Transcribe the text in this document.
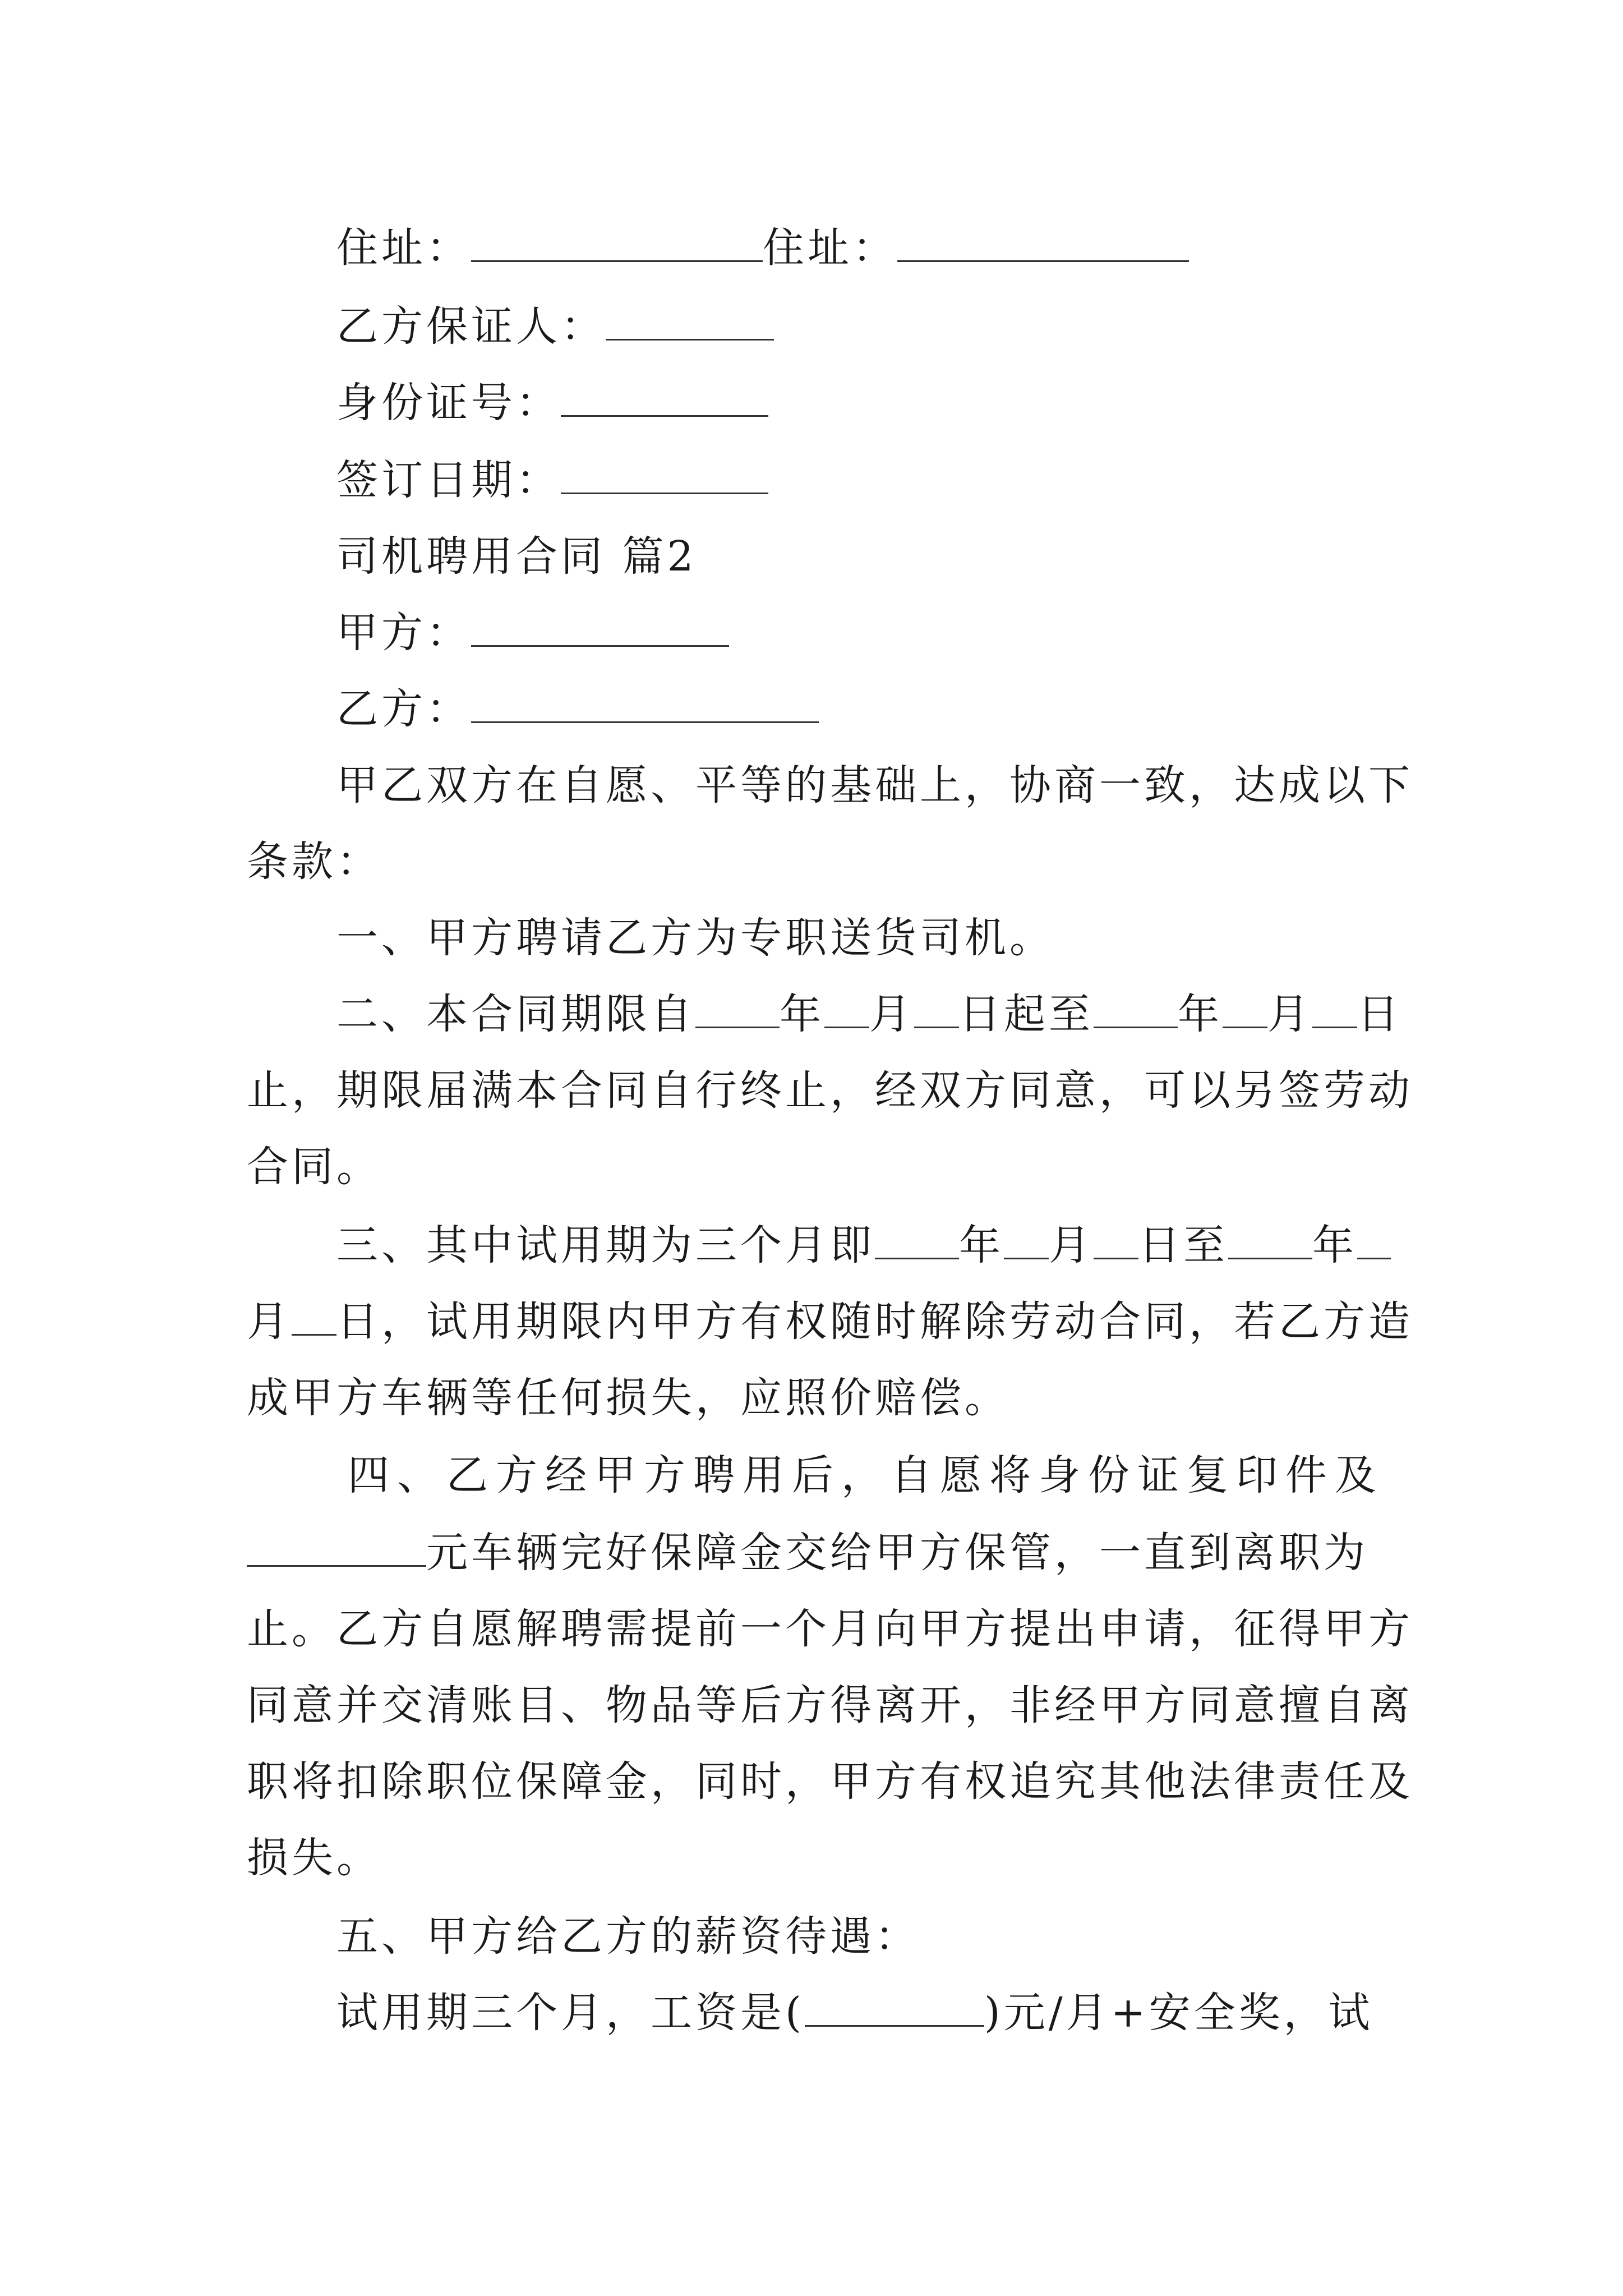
住址：	住址：
乙方保证人：
身份证号：
签订日期：
司机聘用合同 篇2
甲方：
乙方：
甲乙双方在自愿、平等的基础上，协商一致，达成以下
条款：
一、甲方聘请乙方为专职送货司机。
二、本合同期限自 年 月 日起至 年 月 日
止，期限届满本合同自行终止，经双方同意，可以另签劳动
合同。
三、其中试用期为三个月即 年 月 日至 年
月 日，试用期限内甲方有权随时解除劳动合同，若乙方造
成甲方车辆等任何损失，应照价赔偿。
四、乙方经甲方聘用后，自愿将身份证复印件及
元车辆完好保障金交给甲方保管，一直到离职为
止。乙方自愿解聘需提前一个月向甲方提出申请，征得甲方
同意并交清账目、物品等后方得离开，非经甲方同意擅自离
职将扣除职位保障金，同时，甲方有权追究其他法律责任及
损失。
五、甲方给乙方的薪资待遇：
试用期三个月，工资是(	)元/月+安全奖，试
